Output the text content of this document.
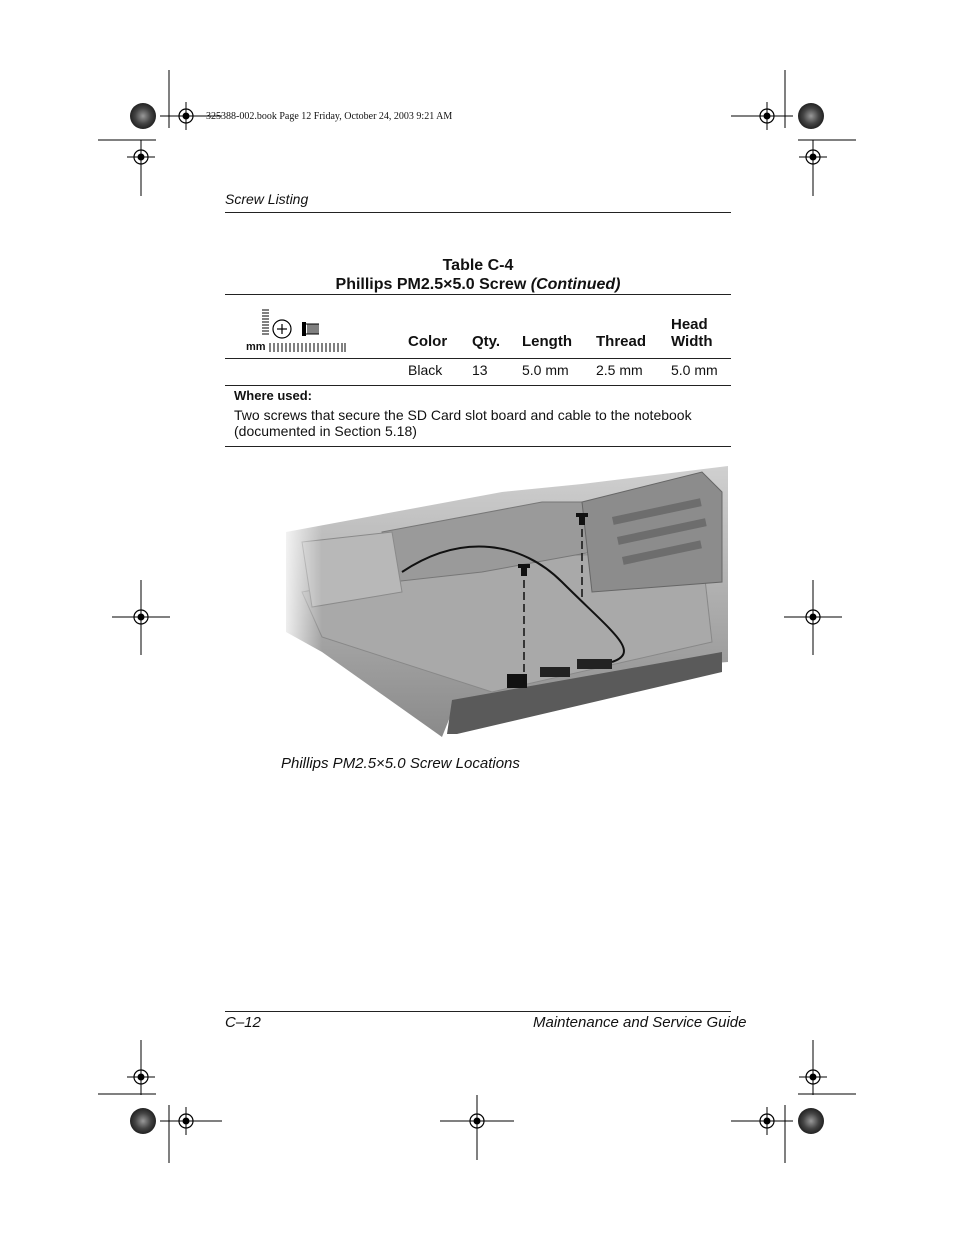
325388-002.book Page 12 Friday, October 24, 2003 9:21 AM
Screw Listing
Table C-4
Phillips PM2.5×5.0 Screw (Continued)
mm	Color Qty. Length Thread
Head
Width
Black 13 5.0 mm 2.5 mm 5.0 mm
Where used:
Two screws that secure the SD Card slot board and cable to the notebook (documented in Section 5.18)
Phillips PM2.5×5.0 Screw Locations
C–12	Maintenance and Service Guide
